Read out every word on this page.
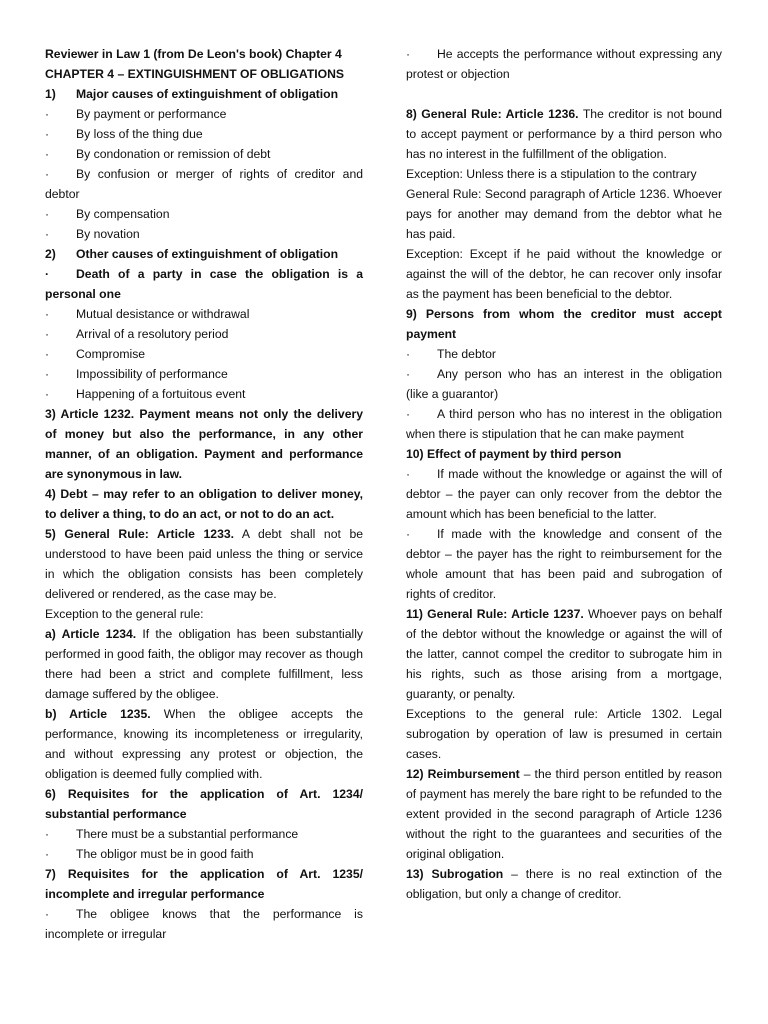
Reviewer in Law 1 (from De Leon's book) Chapter 4

CHAPTER 4 – EXTINGUISHMENT OF OBLIGATIONS

1) Major causes of extinguishment of obligation

·	By payment or performance
·	By loss of the thing due
·	By condonation or remission of debt

· By confusion or merger of rights of creditor and debtor

·	By compensation
·	By novation

2) Other causes of extinguishment of obligation

· Death of a party in case the obligation is a personal one

·	Mutual desistance or withdrawal
·	Arrival of a resolutory period
·	Compromise
·	Impossibility of performance
·	Happening of a fortuitous event

3) Article 1232. Payment means not only the delivery of money but also the performance, in any other manner, of an obligation. Payment and performance are synonymous in law.

4) Debt – may refer to an obligation to deliver money, to deliver a thing, to do an act, or not to do an act.

5) General Rule: Article 1233. A debt shall not be understood to have been paid unless the thing or service in which the obligation consists has been completely delivered or rendered, as the case may be.

Exception to the general rule:

a) Article 1234. If the obligation has been substantially performed in good faith, the obligor may recover as though there had been a strict and complete fulfillment, less damage suffered by the obligee.

b) Article 1235. When the obligee accepts the performance, knowing its incompleteness or irregularity, and without expressing any protest or objection, the obligation is deemed fully complied with.

6) Requisites for the application of Art. 1234/ substantial performance

·	There must be a substantial performance
·	The obligor must be in good faith

7) Requisites for the application of Art. 1235/ incomplete and irregular performance

· The obligee knows that the performance is incomplete or irregular

· He accepts the performance without expressing any protest or objection

8) General Rule: Article 1236. The creditor is not bound to accept payment or performance by a third person who has no interest in the fulfillment of the obligation.

Exception: Unless there is a stipulation to the contrary

General Rule: Second paragraph of Article 1236. Whoever pays for another may demand from the debtor what he has paid.

Exception: Except if he paid without the knowledge or against the will of the debtor, he can recover only insofar as the payment has been beneficial to the debtor.

9) Persons from whom the creditor must accept payment

·	The debtor

· Any person who has an interest in the obligation (like a guarantor)

· A third person who has no interest in the obligation when there is stipulation that he can make payment

10) Effect of payment by third person

· If made without the knowledge or against the will of debtor – the payer can only recover from the debtor the amount which has been beneficial to the latter.

· If made with the knowledge and consent of the debtor – the payer has the right to reimbursement for the whole amount that has been paid and subrogation of rights of creditor.

11) General Rule: Article 1237. Whoever pays on behalf of the debtor without the knowledge or against the will of the latter, cannot compel the creditor to subrogate him in his rights, such as those arising from a mortgage, guaranty, or penalty.

Exceptions to the general rule: Article 1302. Legal subrogation by operation of law is presumed in certain cases.

12) Reimbursement – the third person entitled by reason of payment has merely the bare right to be refunded to the extent provided in the second paragraph of Article 1236 without the right to the guarantees and securities of the original obligation.

13) Subrogation – there is no real extinction of the obligation, but only a change of creditor.
